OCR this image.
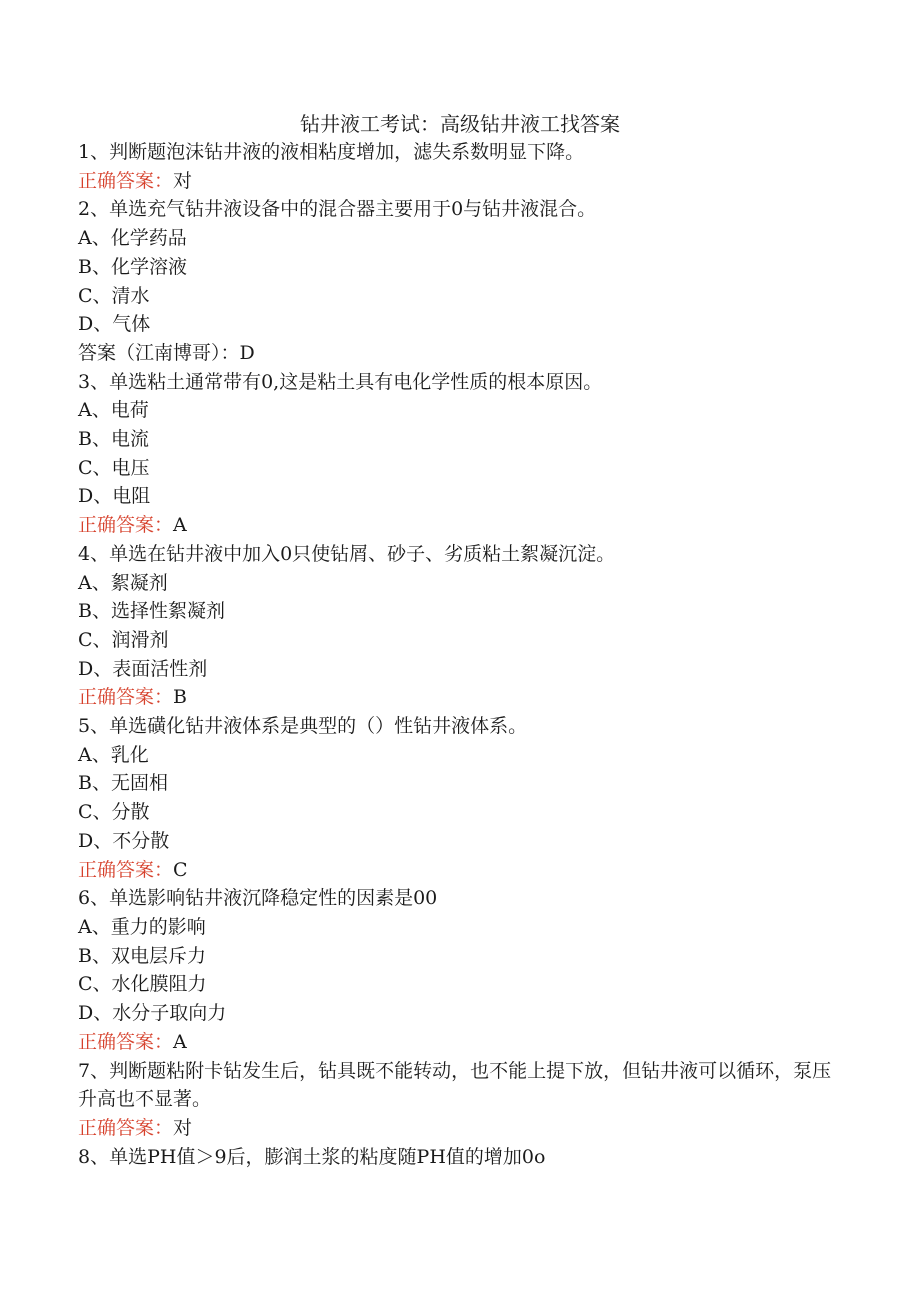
钻井液工考试：高级钻井液工找答案
1、判断题泡沫钻井液的液相粘度增加，滤失系数明显下降。
正确答案：对
2、单选充气钻井液设备中的混合器主要用于0与钻井液混合。
A、化学药品
B、化学溶液
C、清水
D、气体
答案（江南博哥）：D
3、单选粘土通常带有0,这是粘土具有电化学性质的根本原因。
A、电荷
B、电流
C、电压
D、电阻
正确答案：A
4、单选在钻井液中加入0只使钻屑、砂子、劣质粘土絮凝沉淀。
A、絮凝剂
B、选择性絮凝剂
C、润滑剂
D、表面活性剂
正确答案：B
5、单选磺化钻井液体系是典型的（）性钻井液体系。
A、乳化
B、无固相
C、分散
D、不分散
正确答案：C
6、单选影响钻井液沉降稳定性的因素是00
A、重力的影响
B、双电层斥力
C、水化膜阻力
D、水分子取向力
正确答案：A
7、判断题粘附卡钻发生后，钻具既不能转动，也不能上提下放，但钻井液可以循环，泵压升高也不显著。
正确答案：对
8、单选PH值＞9后，膨润土浆的粘度随PH值的增加0o
